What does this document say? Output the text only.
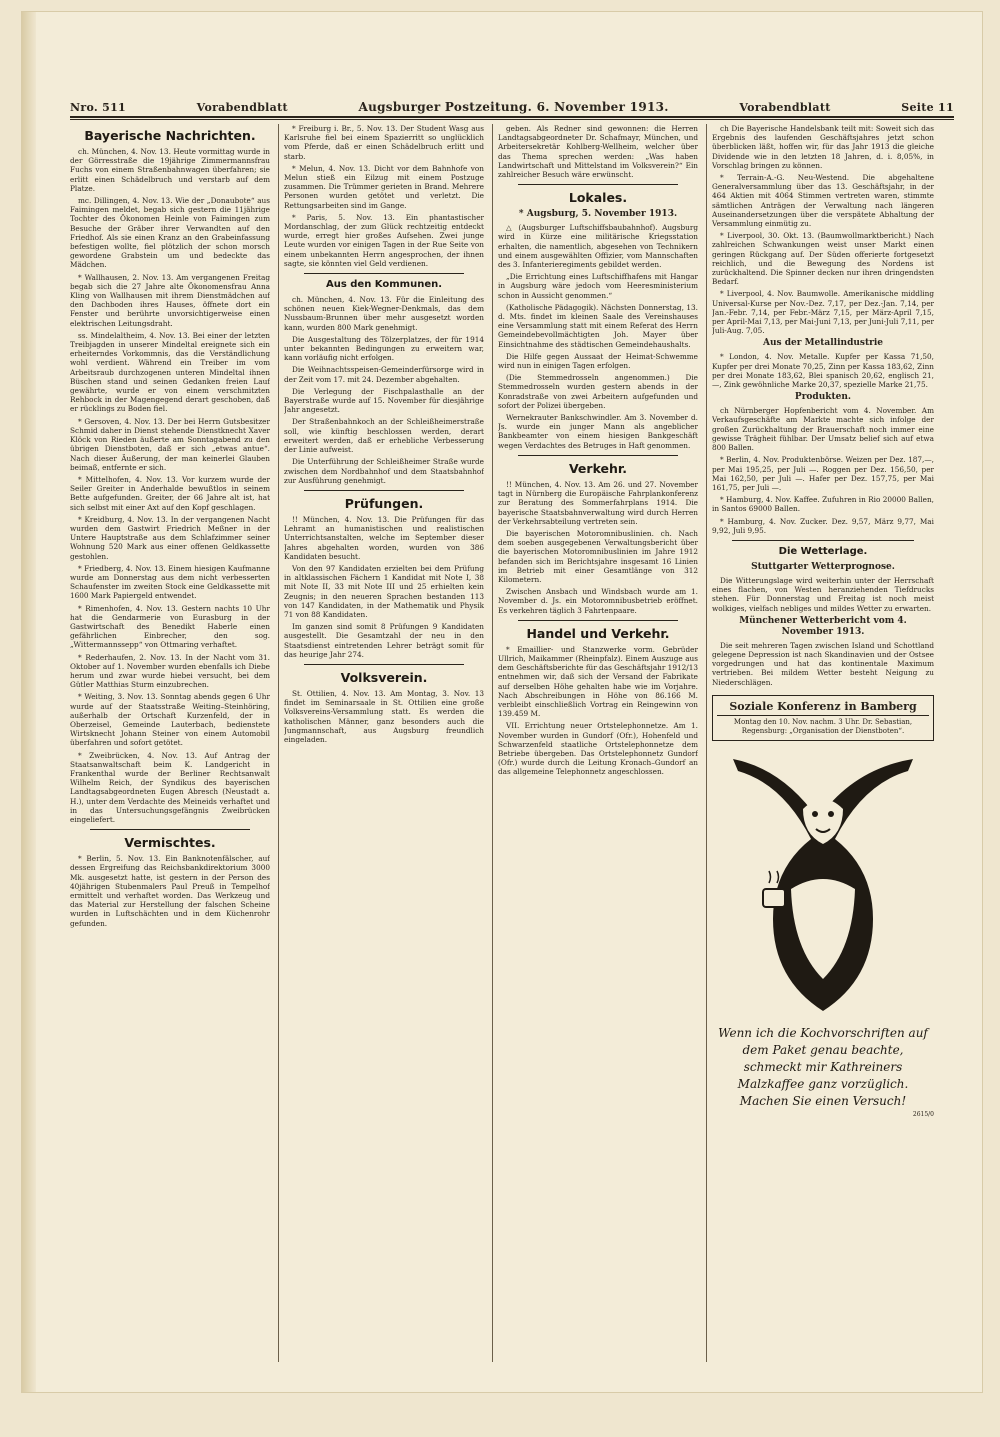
Nro. 511	Vorabendblatt	Augsburger Postzeitung. 6. November 1913.	Vorabendblatt	Seite 11
Bayerische Nachrichten.

ch. München, 4. Nov. 13. Heute vormittag wurde in der Görresstraße die 19jährige Zimmermannsfrau Fuchs von einem Straßenbahnwagen überfahren; sie erlitt einen Schädelbruch und verstarb auf dem Platze.

mc. Dillingen, 4. Nov. 13. Wie der „Donaubote“ aus Faimingen meldet, begab sich gestern die 11jährige Tochter des Ökonomen Heinle von Faimingen zum Besuche der Gräber ihrer Verwandten auf den Friedhof. Als sie einen Kranz an den Grabeinfassung befestigen wollte, fiel plötzlich der schon morsch gewordene Grabstein um und bedeckte das Mädchen.

* Wallhausen, 2. Nov. 13. Am vergangenen Freitag begab sich die 27 Jahre alte Ökonomensfrau Anna Kling von Wallhausen mit ihrem Dienstmädchen auf den Dachboden ihres Hauses, öffnete dort ein Fenster und berührte unvorsichtigerweise einen elektrischen Leitungsdraht.

ss. Mindelaltheim, 4. Nov. 13. Bei einer der letzten Treibjagden in unserer Mindeltal ereignete sich ein erheiterndes Vorkommnis, das die Verständlichung wohl verdient. Während ein Treiber im vom Arbeitsraub durchzogenen unteren Mindeltal ihnen Büschen stand und seinen Gedanken freien Lauf gewährte, wurde er von einem verschmitzten Rehbock in der Magengegend derart geschoben, daß er rücklings zu Boden fiel.

* Gersoven, 4. Nov. 13. Der bei Herrn Gutsbesitzer Schmid daher in Dienst stehende Dienstknecht Xaver Klöck von Rieden äußerte am Sonntagabend zu den übrigen Dienstboten, daß er sich „etwas antue“. Nach dieser Äußerung, der man keinerlei Glauben beimaß, entfernte er sich.

* Mittelhofen, 4. Nov. 13. Vor kurzem wurde der Seiler Greiter in Anderhalde bewußtlos in seinem Bette aufgefunden. Greiter, der 66 Jahre alt ist, hat sich selbst mit einer Axt auf den Kopf geschlagen.

* Kreidburg, 4. Nov. 13. In der vergangenen Nacht wurden dem Gastwirt Friedrich Meßner in der Untere Hauptstraße aus dem Schlafzimmer seiner Wohnung 520 Mark aus einer offenen Geldkassette gestohlen.

* Friedberg, 4. Nov. 13. Einem hiesigen Kaufmanne wurde am Donnerstag aus dem nicht verbesserten Schaufenster im zweiten Stock eine Geldkassette mit 1600 Mark Papiergeld entwendet.

* Rimenhofen, 4. Nov. 13. Gestern nachts 10 Uhr hat die Gendarmerie von Eurasburg in der Gastwirtschaft des Benedikt Haberle einen gefährlichen Einbrecher, den sog. „Wittermannssepp“ von Ottmaring verhaftet.

* Rederhaufen, 2. Nov. 13. In der Nacht vom 31. Oktober auf 1. November wurden ebenfalls ich Diebe herum und zwar wurde hiebei versucht, bei dem Gütler Matthias Sturm einzubrechen.

* Weiting, 3. Nov. 13. Sonntag abends gegen 6 Uhr wurde auf der Staatsstraße Weiting–Steinhöring, außerhalb der Ortschaft Kurzenfeld, der in Oberzeisel, Gemeinde Lauterbach, bedienstete Wirtsknecht Johann Steiner von einem Automobil überfahren und sofort getötet.

* Zweibrücken, 4. Nov. 13. Auf Antrag der Staatsanwaltschaft beim K. Landgericht in Frankenthal wurde der Berliner Rechtsanwalt Wilhelm Reich, der Syndikus des bayerischen Landtagsabgeordneten Eugen Abresch (Neustadt a. H.), unter dem Verdachte des Meineids verhaftet und in das Untersuchungsgefängnis Zweibrücken eingeliefert.

Vermischtes.

* Berlin, 5. Nov. 13. Ein Banknotenfälscher, auf dessen Ergreifung das Reichsbankdirektorium 3000 Mk. ausgesetzt hatte, ist gestern in der Person des 40jährigen Stubenmalers Paul Preuß in Tempelhof ermittelt und verhaftet worden. Das Werkzeug und das Material zur Herstellung der falschen Scheine wurden in Luftschächten und in dem Küchenrohr gefunden.

* Freiburg i. Br., 5. Nov. 13. Der Student Wasg aus Karlsruhe fiel bei einem Spazierritt so unglücklich vom Pferde, daß er einen Schädelbruch erlitt und starb.

* Melun, 4. Nov. 13. Dicht vor dem Bahnhofe von Melun stieß ein Eilzug mit einem Postzuge zusammen. Die Trümmer gerieten in Brand. Mehrere Personen wurden getötet und verletzt. Die Rettungsarbeiten sind im Gange.

* Paris, 5. Nov. 13. Ein phantastischer Mordanschlag, der zum Glück rechtzeitig entdeckt wurde, erregt hier großes Aufsehen. Zwei junge Leute wurden vor einigen Tagen in der Rue Seite von einem unbekannten Herrn angesprochen, der ihnen sagte, sie könnten viel Geld verdienen.

Aus den Kommunen.

ch. München, 4. Nov. 13. Für die Einleitung des schönen neuen Kiek-Wegner-Denkmals, das dem Nussbaum-Brunnen über mehr ausgesetzt worden kann, wurden 800 Mark genehmigt.

Die Ausgestaltung des Tölzerplatzes, der für 1914 unter bekannten Bedingungen zu erweitern war, kann vorläufig nicht erfolgen.

Die Weihnachtsspeisen-Gemeinderfürsorge wird in der Zeit vom 17. mit 24. Dezember abgehalten.

Die Verlegung der Fischpalasthalle an der Bayerstraße wurde auf 15. November für diesjährige Jahr angesetzt.

Der Straßenbahnkoch an der Schleißheimerstraße soll, wie künftig beschlossen werden, derart erweitert werden, daß er erhebliche Verbesserung der Linie aufweist.

Die Unterführung der Schleißheimer Straße wurde zwischen dem Nordbahnhof und dem Staatsbahnhof zur Ausführung genehmigt.

Prüfungen.

!! München, 4. Nov. 13. Die Prüfungen für das Lehramt an humanistischen und realistischen Unterrichtsanstalten, welche im September dieser Jahres abgehalten worden, wurden von 386 Kandidaten besucht.

Von den 97 Kandidaten erzielten bei dem Prüfung in altklassischen Fächern 1 Kandidat mit Note I, 38 mit Note II, 33 mit Note III und 25 erhielten kein Zeugnis; in den neueren Sprachen bestanden 113 von 147 Kandidaten, in der Mathematik und Physik 71 von 88 Kandidaten.

Im ganzen sind somit 8 Prüfungen 9 Kandidaten ausgestellt. Die Gesamtzahl der neu in den Staatsdienst eintretenden Lehrer beträgt somit für das heurige Jahr 274.

Volksverein.

St. Ottilien, 4. Nov. 13. Am Montag, 3. Nov. 13 findet im Seminarsaale in St. Ottilien eine große Volksvereins-Versammlung statt. Es werden die katholischen Männer, ganz besonders auch die Jungmannschaft, aus Augsburg freundlich eingeladen.

geben. Als Redner sind gewonnen: die Herren Landtagsabgeordneter Dr. Schafmayr, München, und Arbeitersekretär Kohlberg-Wellheim, welcher über das Thema sprechen werden: „Was haben Landwirtschaft und Mittelstand im Volksverein?“ Ein zahlreicher Besuch wäre erwünscht.

Lokales.
* Augsburg, 5. November 1913.

△ (Augsburger Luftschiffsbaubahnhof). Augsburg wird in Kürze eine militärische Kriegsstation erhalten, die namentlich, abgesehen von Technikern und einem ausgewählten Offizier, vom Mannschaften des 3. Infanterieregiments gebildet werden.

„Die Errichtung eines Luftschiffhafens mit Hangar in Augsburg wäre jedoch vom Heeresministerium schon in Aussicht genommen.“

(Katholische Pädagogik). Nächsten Donnerstag, 13. d. Mts. findet im kleinen Saale des Vereinshauses eine Versammlung statt mit einem Referat des Herrn Gemeindebevollmächtigten Joh. Mayer über Einsichtnahme des städtischen Gemeindehaushalts.

Die Hilfe gegen Aussaat der Heimat-Schwemme wird nun in einigen Tagen erfolgen.

(Die Stemmedrosseln angenommen.) Die Stemmedrosseln wurden gestern abends in der Konradstraße von zwei Arbeitern aufgefunden und sofort der Polizei übergeben.

Wernekrauter Bankschwindler. Am 3. November d. Js. wurde ein junger Mann als angeblicher Bankbeamter von einem hiesigen Bankgeschäft wegen Verdachtes des Betruges in Haft genommen.

Verkehr.

!! München, 4. Nov. 13. Am 26. und 27. November tagt in Nürnberg die Europäische Fahrplankonferenz zur Beratung des Sommerfahrplans 1914. Die bayerische Staatsbahnverwaltung wird durch Herren der Verkehrsabteilung vertreten sein.

Die bayerischen Motoromnibuslinien. ch. Nach dem soeben ausgegebenen Verwaltungsbericht über die bayerischen Motoromnibuslinien im Jahre 1912 befanden sich im Berichtsjahre insgesamt 16 Linien im Betrieb mit einer Gesamtlänge von 312 Kilometern.

Zwischen Ansbach und Windsbach wurde am 1. November d. Js. ein Motoromnibusbetrieb eröffnet. Es verkehren täglich 3 Fahrtenpaare.

Handel und Verkehr.

* Emaillier- und Stanzwerke vorm. Gebrüder Ullrich, Maikammer (Rheinpfalz). Einem Auszuge aus dem Geschäftsberichte für das Geschäftsjahr 1912/13 entnehmen wir, daß sich der Versand der Fabrikate auf derselben Höhe gehalten habe wie im Vorjahre. Nach Abschreibungen in Höhe von 86.166 M. verbleibt einschließlich Vortrag ein Reingewinn von 139.459 M.

VII. Errichtung neuer Ortstelephonnetze. Am 1. November wurden in Gundorf (Ofr.), Hohenfeld und Schwarzenfeld staatliche Ortstelephonnetze dem Betriebe übergeben. Das Ortstelephonnetz Gundorf (Ofr.) wurde durch die Leitung Kronach–Gundorf an das allgemeine Telephonnetz angeschlossen.

ch Die Bayerische Handelsbank teilt mit: Soweit sich das Ergebnis des laufenden Geschäftsjahres jetzt schon überblicken läßt, hoffen wir, für das Jahr 1913 die gleiche Dividende wie in den letzten 18 Jahren, d. i. 8,05%, in Vorschlag bringen zu können.

* Terrain-A.-G. Neu-Westend. Die abgehaltene Generalversammlung über das 13. Geschäftsjahr, in der 464 Aktien mit 4064 Stimmen vertreten waren, stimmte sämtlichen Anträgen der Verwaltung nach längeren Auseinandersetzungen über die verspätete Abhaltung der Versammlung einmütig zu.

* Liverpool, 30. Okt. 13. (Baumwollmarktbericht.) Nach zahlreichen Schwankungen weist unser Markt einen geringen Rückgang auf. Der Süden offerierte fortgesetzt reichlich, und die Bewegung des Nordens ist zurückhaltend. Die Spinner decken nur ihren dringendsten Bedarf.

* Liverpool, 4. Nov. Baumwolle. Amerikanische middling Universal-Kurse per Nov.-Dez. 7,17, per Dez.-Jan. 7,14, per Jan.-Febr. 7,14, per Febr.-März 7,15, per März-April 7,15, per April-Mai 7,13, per Mai-Juni 7,13, per Juni-Juli 7,11, per Juli-Aug. 7,05.

Aus der Metallindustrie

* London, 4. Nov. Metalle. Kupfer per Kassa 71,50, Kupfer per drei Monate 70,25, Zinn per Kassa 183,62, Zinn per drei Monate 183,62, Blei spanisch 20,62, englisch 21,—, Zink gewöhnliche Marke 20,37, spezielle Marke 21,75.

Produkten.

ch Nürnberger Hopfenbericht vom 4. November. Am Verkaufsgeschäfte am Markte machte sich infolge der großen Zurückhaltung der Brauerschaft noch immer eine gewisse Trägheit fühlbar. Der Umsatz belief sich auf etwa 800 Ballen.

* Berlin, 4. Nov. Produktenbörse. Weizen per Dez. 187,—, per Mai 195,25, per Juli —. Roggen per Dez. 156,50, per Mai 162,50, per Juli —. Hafer per Dez. 157,75, per Mai 161,75, per Juli —.

* Hamburg, 4. Nov. Kaffee. Zufuhren in Rio 20000 Ballen, in Santos 69000 Ballen.

* Hamburg, 4. Nov. Zucker. Dez. 9,57, März 9,77, Mai 9,92, Juli 9,95.

Die Wetterlage.
Stuttgarter Wetterprognose.

Die Witterungslage wird weiterhin unter der Herrschaft eines flachen, von Westen heranziehenden Tiefdrucks stehen. Für Donnerstag und Freitag ist noch meist wolkiges, vielfach nebliges und mildes Wetter zu erwarten.

Münchener Wetterbericht vom 4. November 1913.

Die seit mehreren Tagen zwischen Island und Schottland gelegene Depression ist nach Skandinavien und der Ostsee vorgedrungen und hat das kontinentale Maximum vertrieben. Bei mildem Wetter besteht Neigung zu Niederschlägen.

Soziale Konferenz in Bamberg
Montag den 10. Nov. nachm. 3 Uhr. Dr. Sebastian, Regensburg: „Organisation der Dienstboten“.
Wenn ich die Kochvorschriften auf dem Paket genau beachte, schmeckt mir Kathreiners Malzkaffee ganz vorzüglich. Machen Sie einen Versuch!
2615/0
